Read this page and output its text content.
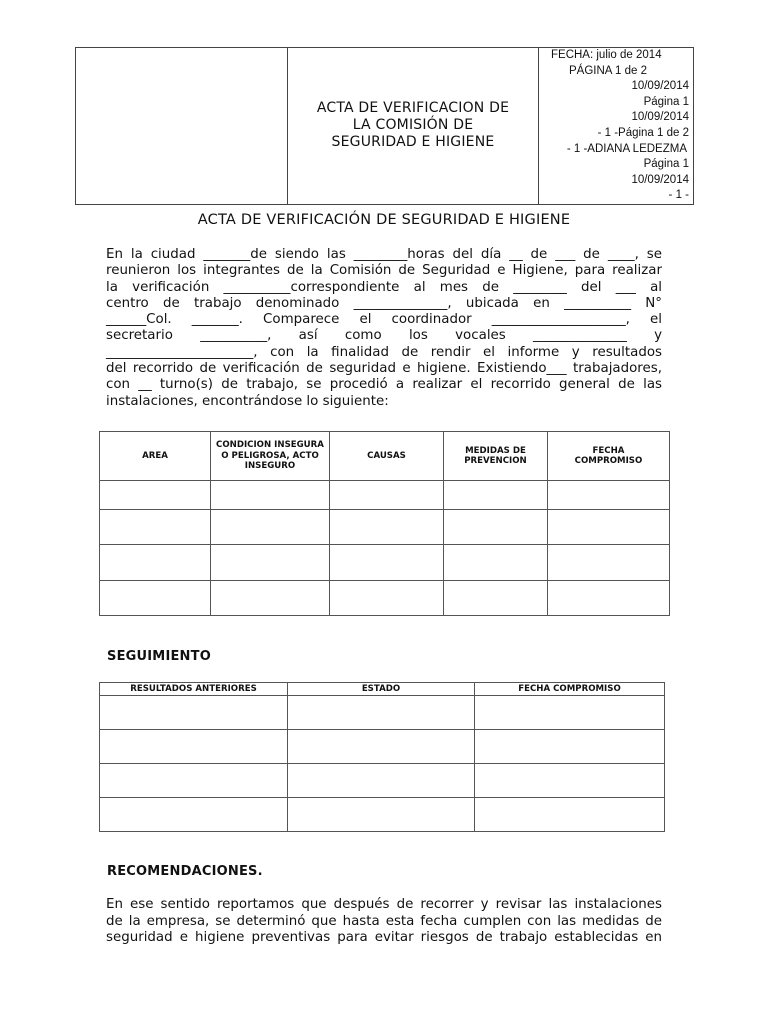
ACTA DE VERIFICACION DE
LA COMISIÓN DE
SEGURIDAD E HIGIENE

FECHA: julio de 2014
PÁGINA 1 de 2
10/09/2014
Página 1
10/09/2014
- 1 -Página 1 de 2
- 1 -ADIANA LEDEZMA
Página 1
10/09/2014
- 1 -
ACTA DE VERIFICACIÓN DE SEGURIDAD E HIGIENE
En la ciudad _______de siendo las ________horas del día __ de ___ de ____, se
reunieron los integrantes de la Comisión de Seguridad e Higiene, para realizar
la verificación __________correspondiente al mes de ________ del ___ al
centro de trabajo denominado ______________, ubicada en __________ N°
______Col. _______. Comparece el coordinador ____________________, el
secretario __________, así como los vocales ______________ y
______________________, con la finalidad de rendir el informe y resultados
del recorrido de verificación de seguridad e higiene. Existiendo___ trabajadores,
con __ turno(s) de trabajo, se procedió a realizar el recorrido general de las
instalaciones, encontrándose lo siguiente:
AREA	CONDICION INSEGURA O PELIGROSA, ACTO INSEGURO	CAUSAS	MEDIDAS DE PREVENCION	FECHA COMPROMISO

SEGUIMIENTO
RESULTADOS ANTERIORES	ESTADO	FECHA COMPROMISO

RECOMENDACIONES.
En ese sentido reportamos que después de recorrer y revisar las instalaciones
de la empresa, se determinó que hasta esta fecha cumplen con las medidas de
seguridad e higiene preventivas para evitar riesgos de trabajo establecidas en
